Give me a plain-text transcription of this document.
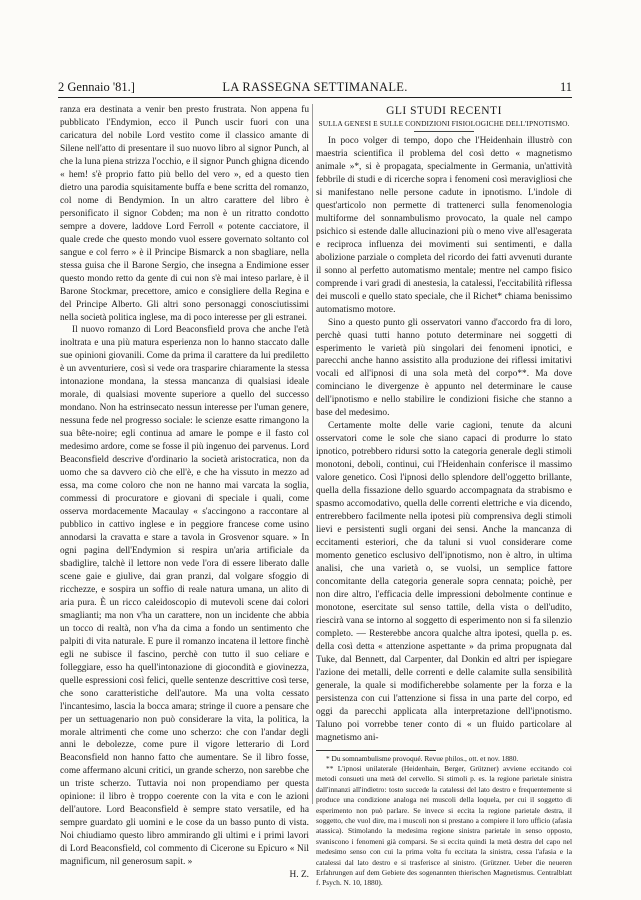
2 Gennaio '81.]	LA RASSEGNA SETTIMANALE.	11

ranza era destinata a venir ben presto frustrata. Non appena fu pubblicato l'Endymion, ecco il Punch uscir fuori con una caricatura del nobile Lord vestito come il classico amante di Silene nell'atto di presentare il suo nuovo libro al signor Punch, al che la luna piena strizza l'occhio, e il signor Punch ghigna dicendo « hem! s'è proprio fatto più bello del vero », ed a questo tien dietro una parodia squisitamente buffa e bene scritta del romanzo, col nome di Bendymion. In un altro carattere del libro è personificato il signor Cobden; ma non è un ritratto condotto sempre a dovere, laddove Lord Ferroll « potente cacciatore, il quale crede che questo mondo vuol essere governato soltanto col sangue e col ferro » è il Principe Bismarck a non sbagliare, nella stessa guisa che il Barone Sergio, che insegna a Endimione esser questo mondo retto da gente di cui non s'è mai inteso parlare, è il Barone Stockmar, precettore, amico e consigliere della Regina e del Principe Alberto. Gli altri sono personaggi conosciutissimi nella società politica inglese, ma di poco interesse per gli estranei.

Il nuovo romanzo di Lord Beaconsfield prova che anche l'età inoltrata e una più matura esperienza non lo hanno staccato dalle sue opinioni giovanili. Come da prima il carattere da lui prediletto è un avventuriere, così si vede ora trasparire chiaramente la stessa intonazione mondana, la stessa mancanza di qualsiasi ideale morale, di qualsiasi movente superiore a quello del successo mondano. Non ha estrinsecato nessun interesse per l'uman genere, nessuna fede nel progresso sociale: le scienze esatte rimangono la sua bête-noire; egli continua ad amare le pompe e il fasto col medesimo ardore, come se fosse il più ingenuo dei parvenus. Lord Beaconsfield descrive d'ordinario la società aristocratica, non da uomo che sa davvero ciò che ell'è, e che ha vissuto in mezzo ad essa, ma come coloro che non ne hanno mai varcata la soglia, commessi di procuratore e giovani di speciale i quali, come osserva mordacemente Macaulay « s'accingono a raccontare al pubblico in cattivo inglese e in peggiore francese come usino annodarsi la cravatta e stare a tavola in Grosvenor square. » In ogni pagina dell'Endymion si respira un'aria artificiale da sbadiglire, talchè il lettore non vede l'ora di essere liberato dalle scene gaie e giulive, dai gran pranzi, dal volgare sfoggio di ricchezze, e sospira un soffio di reale natura umana, un alito di aria pura. È un ricco caleidoscopio di mutevoli scene dai colori smaglianti; ma non v'ha un carattere, non un incidente che abbia un tocco di realtà, non v'ha da cima a fondo un sentimento che palpiti di vita naturale. E pure il romanzo incatena il lettore finchè egli ne subisce il fascino, perchè con tutto il suo celiare e folleggiare, esso ha quell'intonazione di giocondità e giovinezza, quelle espressioni così felici, quelle sentenze descrittive così terse, che sono caratteristiche dell'autore. Ma una volta cessato l'incantesimo, lascia la bocca amara; stringe il cuore a pensare che per un settuagenario non può considerare la vita, la politica, la morale altrimenti che come uno scherzo: che con l'andar degli anni le debolezze, come pure il vigore letterario di Lord Beaconsfield non hanno fatto che aumentare. Se il libro fosse, come affermano alcuni critici, un grande scherzo, non sarebbe che un triste scherzo. Tuttavia noi non propendiamo per questa opinione: il libro è troppo coerente con la vita e con le azioni dell'autore. Lord Beaconsfield è sempre stato versatile, ed ha sempre guardato gli uomini e le cose da un basso punto di vista. Noi chiudiamo questo libro ammirando gli ultimi e i primi lavori di Lord Beaconsfield, col commento di Cicerone su Epicuro « Nil magnificum, nil generosum sapit. »

H. Z.
GLI STUDI RECENTI
SULLA GENESI E SULLE CONDIZIONI FISIOLOGICHE DELL'IPNOTISMO.

In poco volger di tempo, dopo che l'Heidenhain illustrò con maestria scientifica il problema del così detto « magnetismo animale »*, si è propagata, specialmente in Germania, un'attività febbrile di studi e di ricerche sopra i fenomeni così meravigliosi che si manifestano nelle persone cadute in ipnotismo. L'indole di quest'articolo non permette di trattenerci sulla fenomenologia multiforme del sonnambulismo provocato, la quale nel campo psichico si estende dalle allucinazioni più o meno vive all'esagerata e reciproca influenza dei movimenti sui sentimenti, e dalla abolizione parziale o completa del ricordo dei fatti avvenuti durante il sonno al perfetto automatismo mentale; mentre nel campo fisico comprende i vari gradi di anestesia, la catalessi, l'eccitabilità riflessa dei muscoli e quello stato speciale, che il Richet* chiama benissimo automatismo motore.

Sino a questo punto gli osservatori vanno d'accordo fra di loro, perchè quasi tutti hanno potuto determinare nei soggetti di esperimento le varietà più singolari dei fenomeni ipnotici, e parecchi anche hanno assistito alla produzione dei riflessi imitativi vocali ed all'ipnosi di una sola metà del corpo**. Ma dove cominciano le divergenze è appunto nel determinare le cause dell'ipnotismo e nello stabilire le condizioni fisiche che stanno a base del medesimo.

Certamente molte delle varie cagioni, tenute da alcuni osservatori come le sole che siano capaci di produrre lo stato ipnotico, potrebbero ridursi sotto la categoria generale degli stimoli monotoni, deboli, continui, cui l'Heidenhain conferisce il massimo valore genetico. Così l'ipnosi dello splendore dell'oggetto brillante, quella della fissazione dello sguardo accompagnata da strabismo e spasmo accomodativo, quella delle correnti elettriche e via dicendo, entrerebbero facilmente nella ipotesi più comprensiva degli stimoli lievi e persistenti sugli organi dei sensi. Anche la mancanza di eccitamenti esteriori, che da taluni si vuol considerare come momento genetico esclusivo dell'ipnotismo, non è altro, in ultima analisi, che una varietà o, se vuolsi, un semplice fattore concomitante della categoria generale sopra cennata; poichè, per non dire altro, l'efficacia delle impressioni debolmente continue e monotone, esercitate sul senso tattile, della vista o dell'udito, riescirà vana se intorno al soggetto di esperimento non si fa silenzio completo. — Resterebbe ancora qualche altra ipotesi, quella p. es. della così detta « attenzione aspettante » da prima propugnata dal Tuke, dal Bennett, dal Carpenter, dal Donkin ed altri per ispiegare l'azione dei metalli, delle correnti e delle calamite sulla sensibilità generale, la quale si modificherebbe solamente per la forza e la persistenza con cui l'attenzione si fissa in una parte del corpo, ed oggi da parecchi applicata alla interpretazione dell'ipnotismo. Taluno poi vorrebbe tener conto di « un fluido particolare al magnetismo ani-

* Du somnambulisme provoqué. Revue philos., ott. et nov. 1880.

** L'ipnosi unilaterale (Heidenhain, Berger, Grützner) avviene eccitando coi metodi consueti una metà del cervello. Si stimoli p. es. la regione parietale sinistra dall'innanzi all'indietro: tosto succede la catalessi del lato destro e frequentemente si produce una condizione analoga nei muscoli della loquela, per cui il soggetto di esperimento non può parlare. Se invece si eccita la regione parietale destra, il soggetto, che vuol dire, ma i muscoli non si prestano a compiere il loro ufficio (afasia atassica). Stimolando la medesima regione sinistra parietale in senso opposto, svaniscono i fenomeni già comparsi. Se si eccita quindi la metà destra del capo nel medesimo senso con cui la prima volta fu eccitata la sinistra, cessa l'afasia e la catalessi dal lato destro e si trasferisce al sinistro. (Grützner. Ueber die neueren Erfahrungen auf dem Gebiete des sogenannten thierischen Magnetismus. Centralblatt f. Psych. N. 10, 1880).
